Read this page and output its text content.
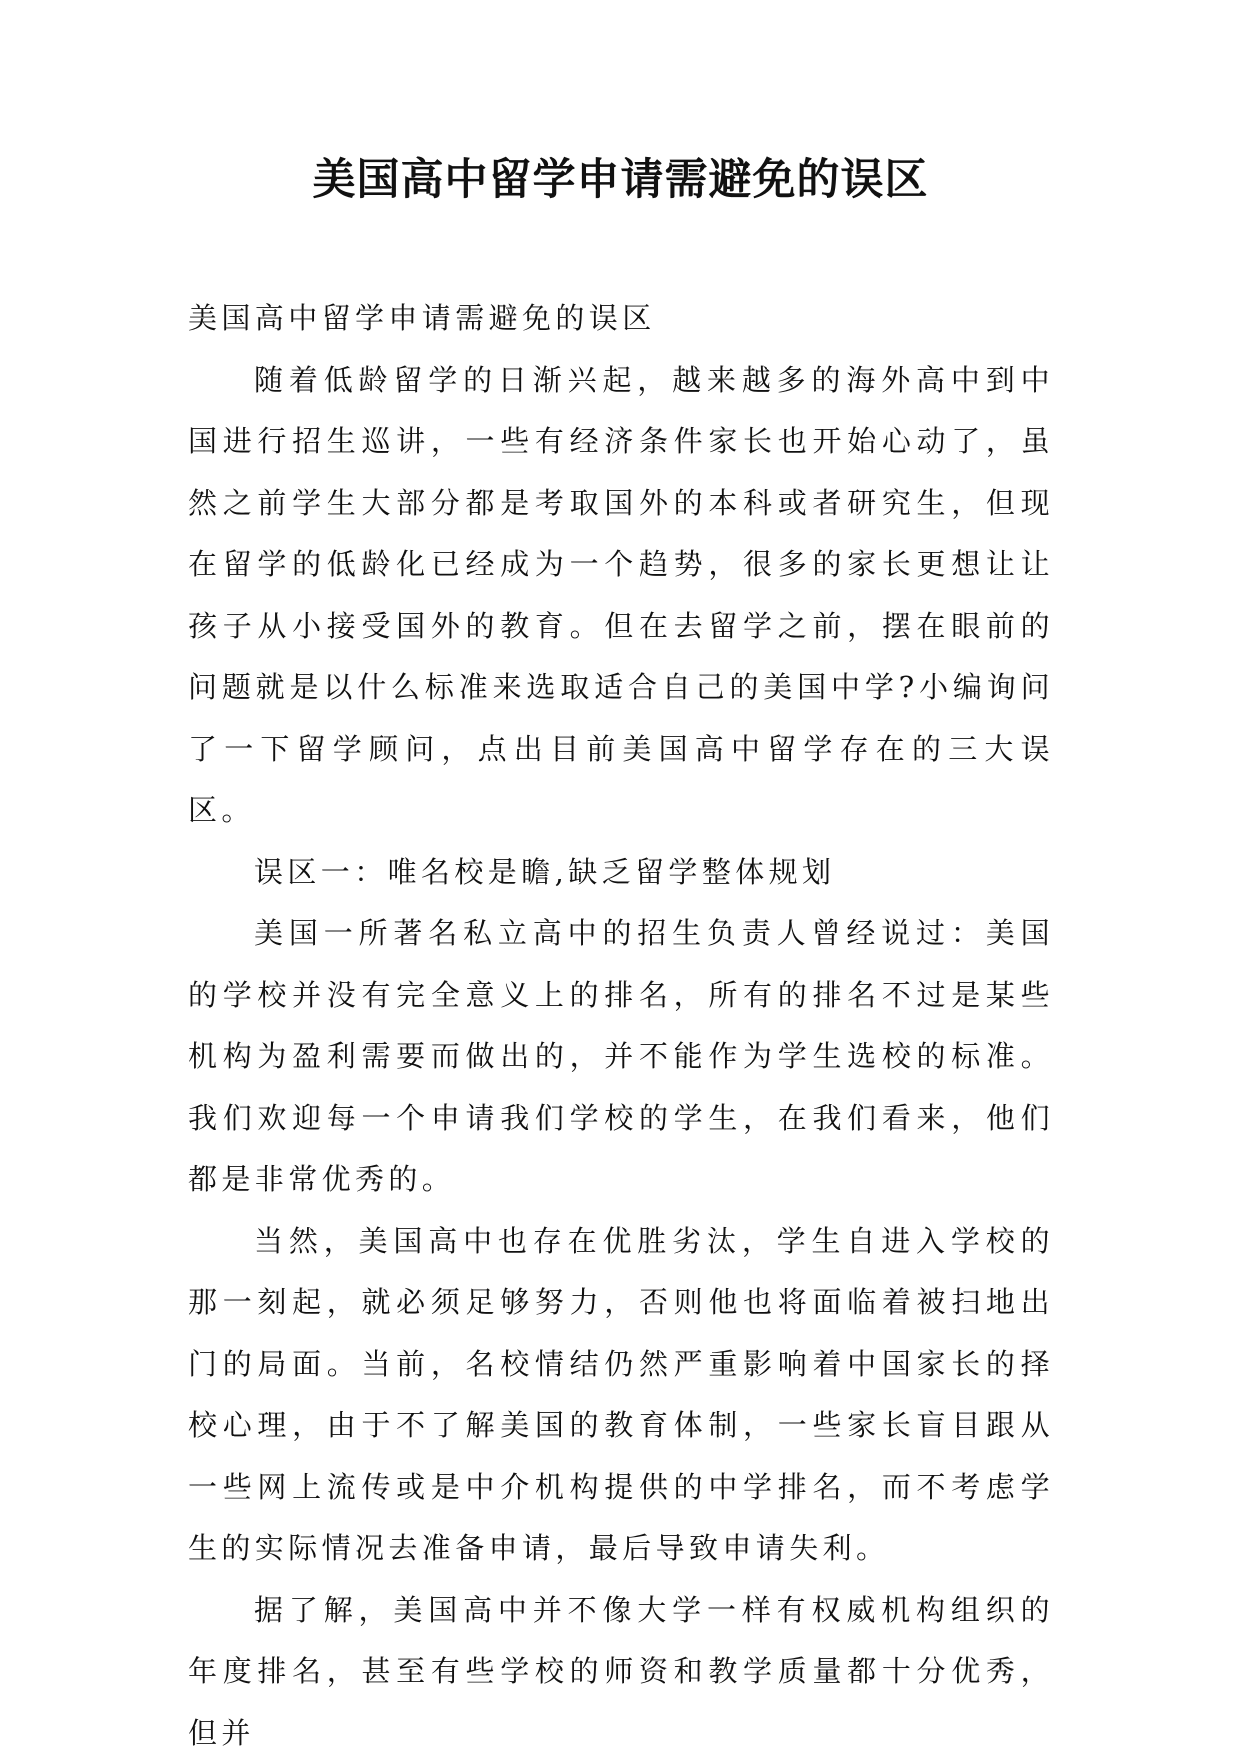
美国高中留学申请需避免的误区

美国高中留学申请需避免的误区

随着低龄留学的日渐兴起，越来越多的海外高中到中国进行招生巡讲，一些有经济条件家长也开始心动了，虽然之前学生大部分都是考取国外的本科或者研究生，但现在留学的低龄化已经成为一个趋势，很多的家长更想让让孩子从小接受国外的教育。但在去留学之前，摆在眼前的问题就是以什么标准来选取适合自己的美国中学?小编询问了一下留学顾问，点出目前美国高中留学存在的三大误区。

误区一：唯名校是瞻,缺乏留学整体规划

美国一所著名私立高中的招生负责人曾经说过：美国的学校并没有完全意义上的排名，所有的排名不过是某些机构为盈利需要而做出的，并不能作为学生选校的标准。我们欢迎每一个申请我们学校的学生，在我们看来，他们都是非常优秀的。

当然，美国高中也存在优胜劣汰，学生自进入学校的那一刻起，就必须足够努力，否则他也将面临着被扫地出门的局面。当前，名校情结仍然严重影响着中国家长的择校心理，由于不了解美国的教育体制，一些家长盲目跟从一些网上流传或是中介机构提供的中学排名，而不考虑学生的实际情况去准备申请，最后导致申请失利。

据了解，美国高中并不像大学一样有权威机构组织的年度排名，甚至有些学校的师资和教学质量都十分优秀，但并
